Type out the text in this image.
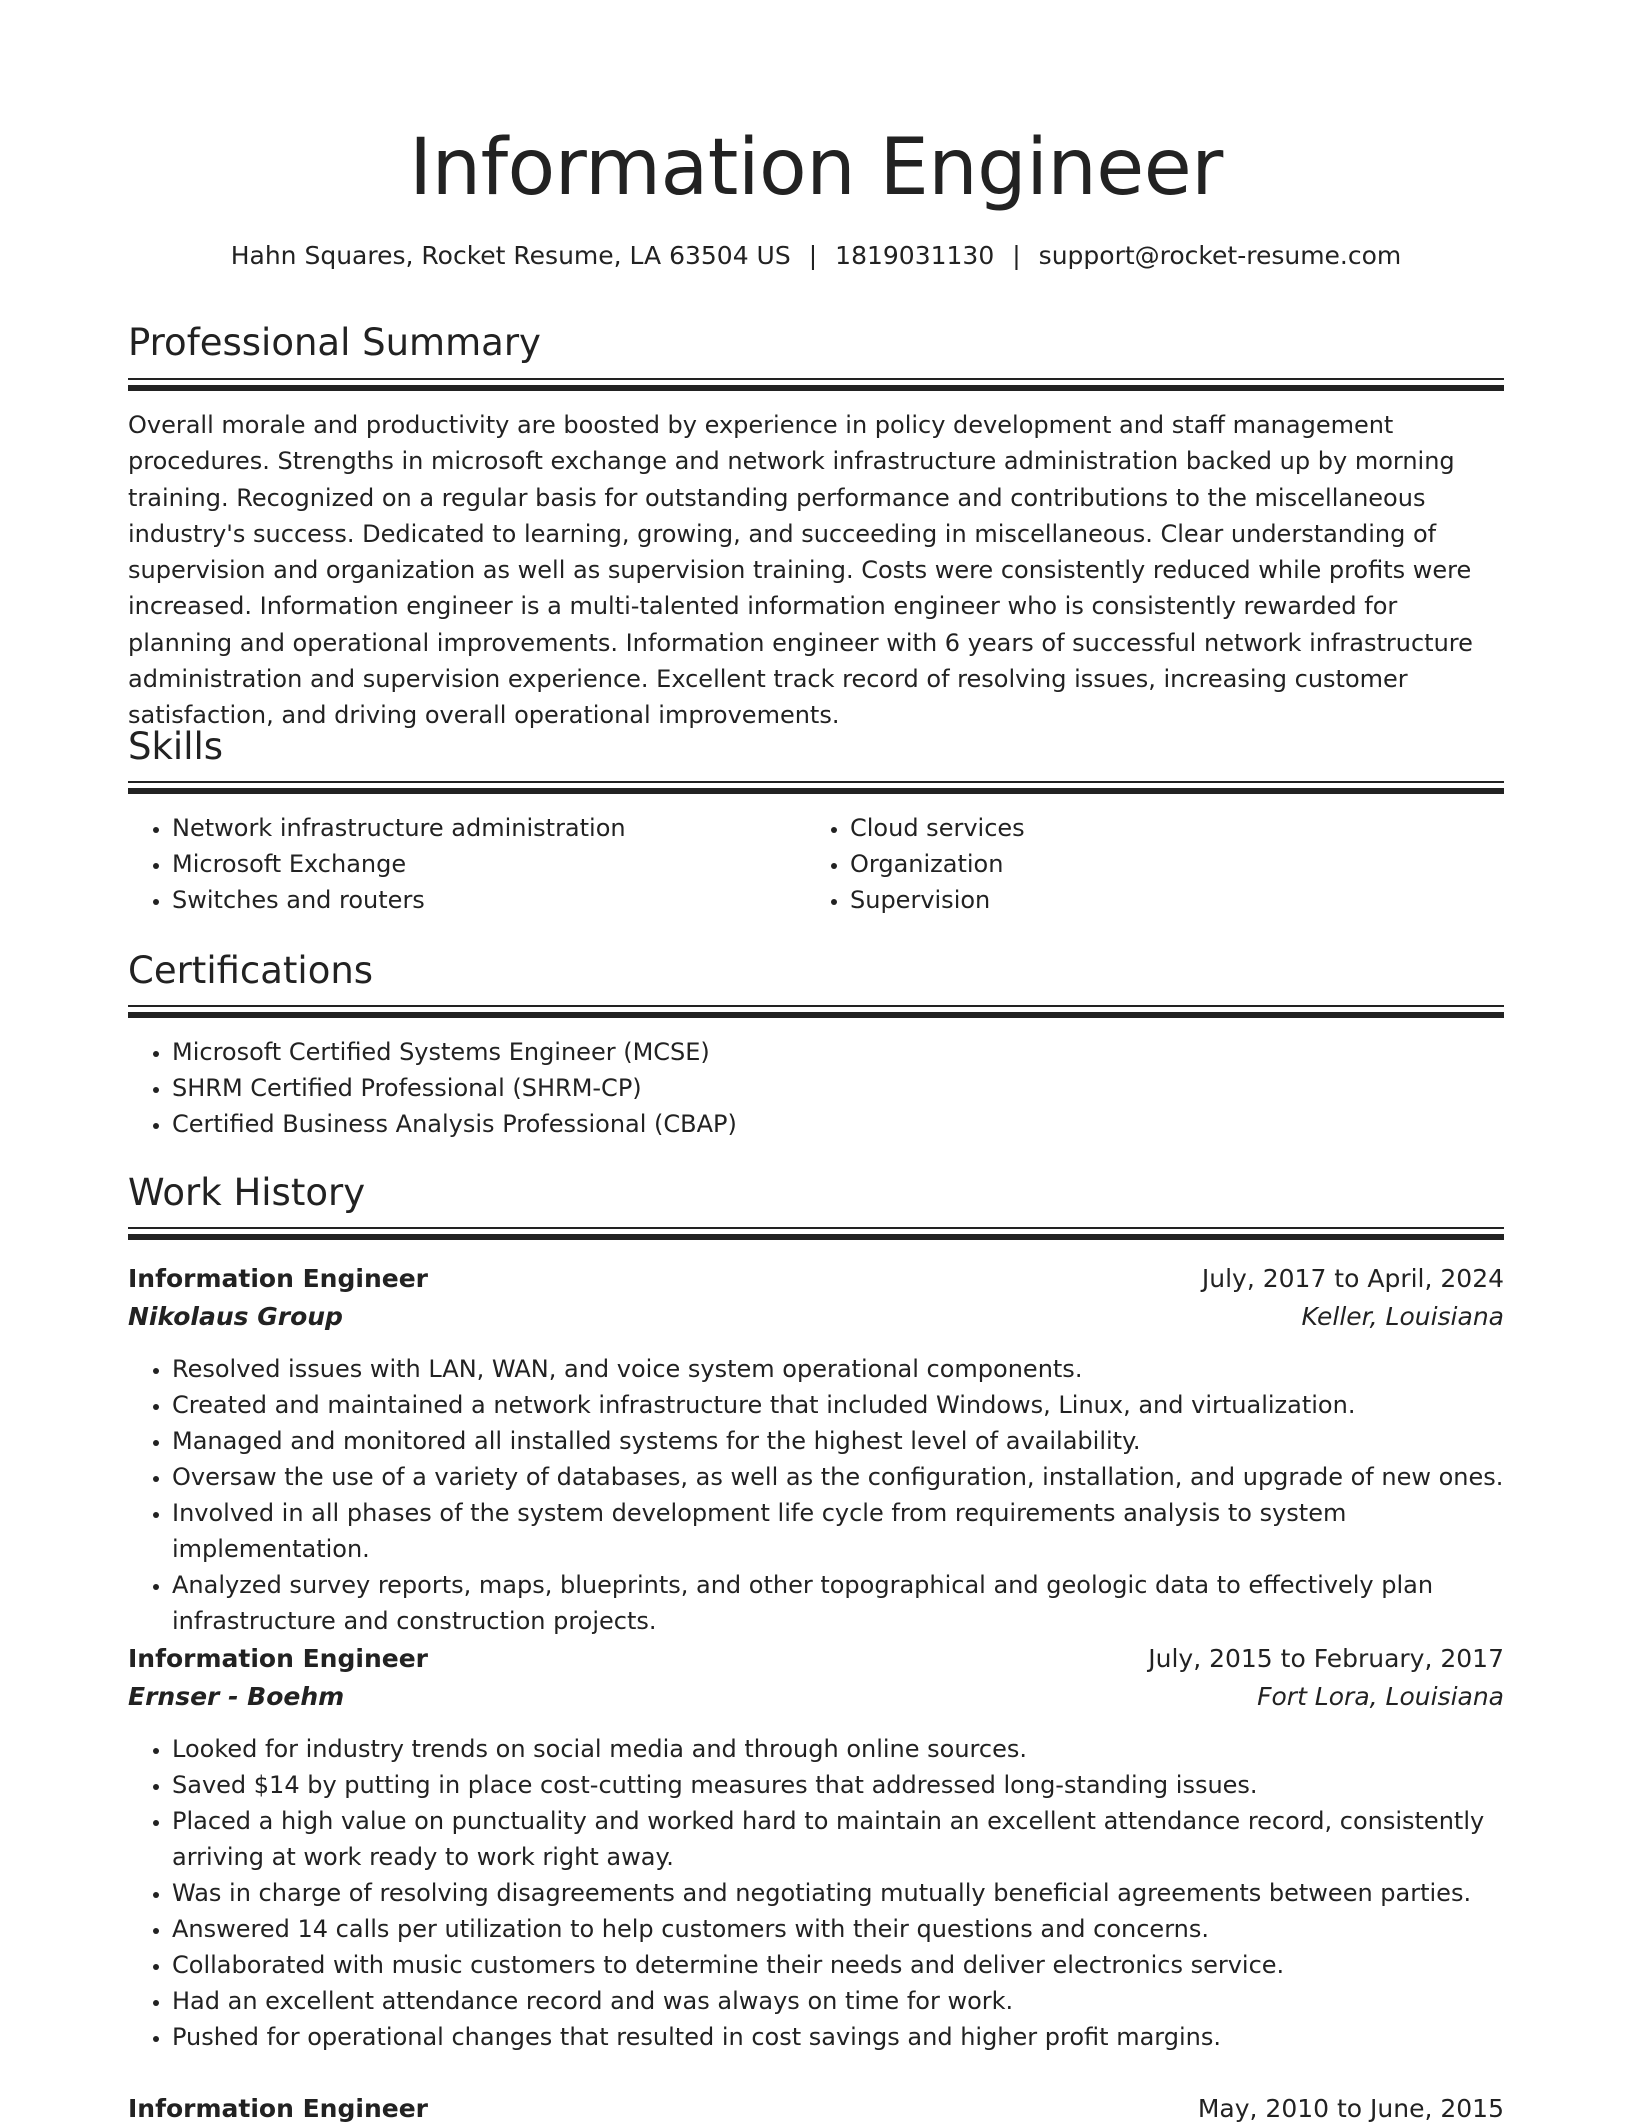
Information Engineer
Hahn Squares, Rocket Resume, LA 63504 US | 1819031130 | support@rocket-resume.com
Professional Summary

Overall morale and productivity are boosted by experience in policy development and staff management procedures. Strengths in microsoft exchange and network infrastructure administration backed up by morning training. Recognized on a regular basis for outstanding performance and contributions to the miscellaneous industry's success. Dedicated to learning, growing, and succeeding in miscellaneous. Clear understanding of supervision and organization as well as supervision training. Costs were consistently reduced while profits were increased. Information engineer is a multi-talented information engineer who is consistently rewarded for planning and operational improvements. Information engineer with 6 years of successful network infrastructure administration and supervision experience. Excellent track record of resolving issues, increasing customer satisfaction, and driving overall operational improvements.

Skills
• Network infrastructure administration
• Microsoft Exchange
• Switches and routers
• Cloud services
• Organization
• Supervision
Certifications
• Microsoft Certified Systems Engineer (MCSE)
• SHRM Certified Professional (SHRM-CP)
• Certified Business Analysis Professional (CBAP)
Work History
Information Engineer	July, 2017 to April, 2024
Nikolaus Group	Keller, Louisiana
• Resolved issues with LAN, WAN, and voice system operational components.
• Created and maintained a network infrastructure that included Windows, Linux, and virtualization.
• Managed and monitored all installed systems for the highest level of availability.
• Oversaw the use of a variety of databases, as well as the configuration, installation, and upgrade of new ones.
• Involved in all phases of the system development life cycle from requirements analysis to system implementation.
• Analyzed survey reports, maps, blueprints, and other topographical and geologic data to effectively plan infrastructure and construction projects.
Information Engineer	July, 2015 to February, 2017
Ernser - Boehm	Fort Lora, Louisiana
• Looked for industry trends on social media and through online sources.
• Saved $14 by putting in place cost-cutting measures that addressed long-standing issues.
• Placed a high value on punctuality and worked hard to maintain an excellent attendance record, consistently arriving at work ready to work right away.
• Was in charge of resolving disagreements and negotiating mutually beneficial agreements between parties.
• Answered 14 calls per utilization to help customers with their questions and concerns.
• Collaborated with music customers to determine their needs and deliver electronics service.
• Had an excellent attendance record and was always on time for work.
• Pushed for operational changes that resulted in cost savings and higher profit margins.
Information Engineer	May, 2010 to June, 2015
